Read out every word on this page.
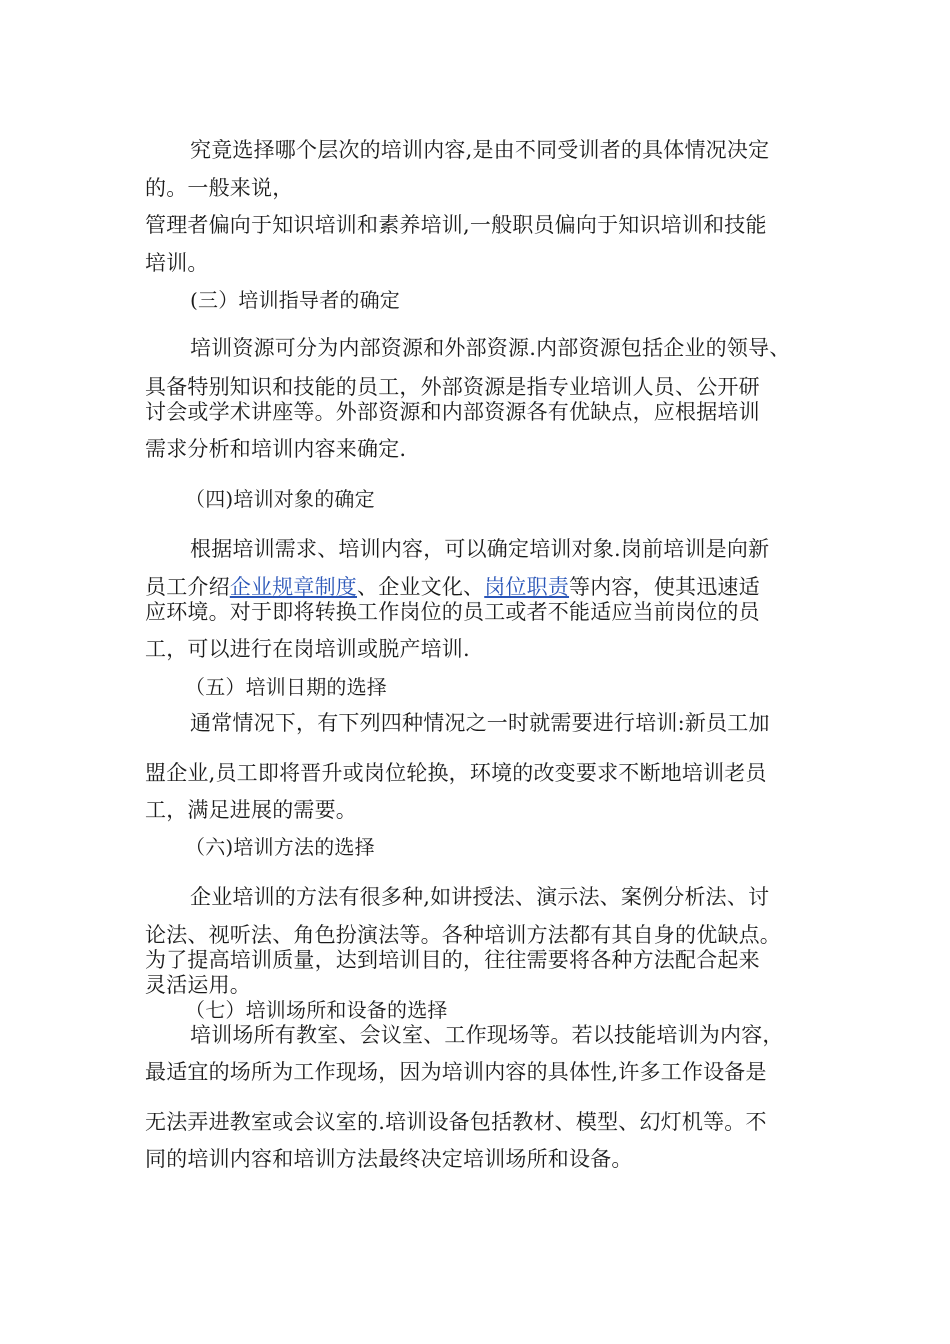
究竟选择哪个层次的培训内容,是由不同受训者的具体情况决定
的。一般来说，
管理者偏向于知识培训和素养培训,一般职员偏向于知识培训和技能
培训。
(三）培训指导者的确定
培训资源可分为内部资源和外部资源.内部资源包括企业的领导、
具备特别知识和技能的员工，外部资源是指专业培训人员、公开研
讨会或学术讲座等。外部资源和内部资源各有优缺点，应根据培训
需求分析和培训内容来确定.
（四)培训对象的确定
根据培训需求、培训内容，可以确定培训对象.岗前培训是向新
员工介绍企业规章制度、企业文化、岗位职责等内容，使其迅速适
应环境。对于即将转换工作岗位的员工或者不能适应当前岗位的员
工，可以进行在岗培训或脱产培训.
（五）培训日期的选择
通常情况下，有下列四种情况之一时就需要进行培训:新员工加
盟企业,员工即将晋升或岗位轮换，环境的改变要求不断地培训老员
工，满足进展的需要。
（六)培训方法的选择
企业培训的方法有很多种,如讲授法、演示法、案例分析法、讨
论法、视听法、角色扮演法等。各种培训方法都有其自身的优缺点。
为了提高培训质量，达到培训目的，往往需要将各种方法配合起来
灵活运用。
（七）培训场所和设备的选择
培训场所有教室、会议室、工作现场等。若以技能培训为内容，
最适宜的场所为工作现场，因为培训内容的具体性,许多工作设备是
无法弄进教室或会议室的.培训设备包括教材、模型、幻灯机等。不
同的培训内容和培训方法最终决定培训场所和设备。
